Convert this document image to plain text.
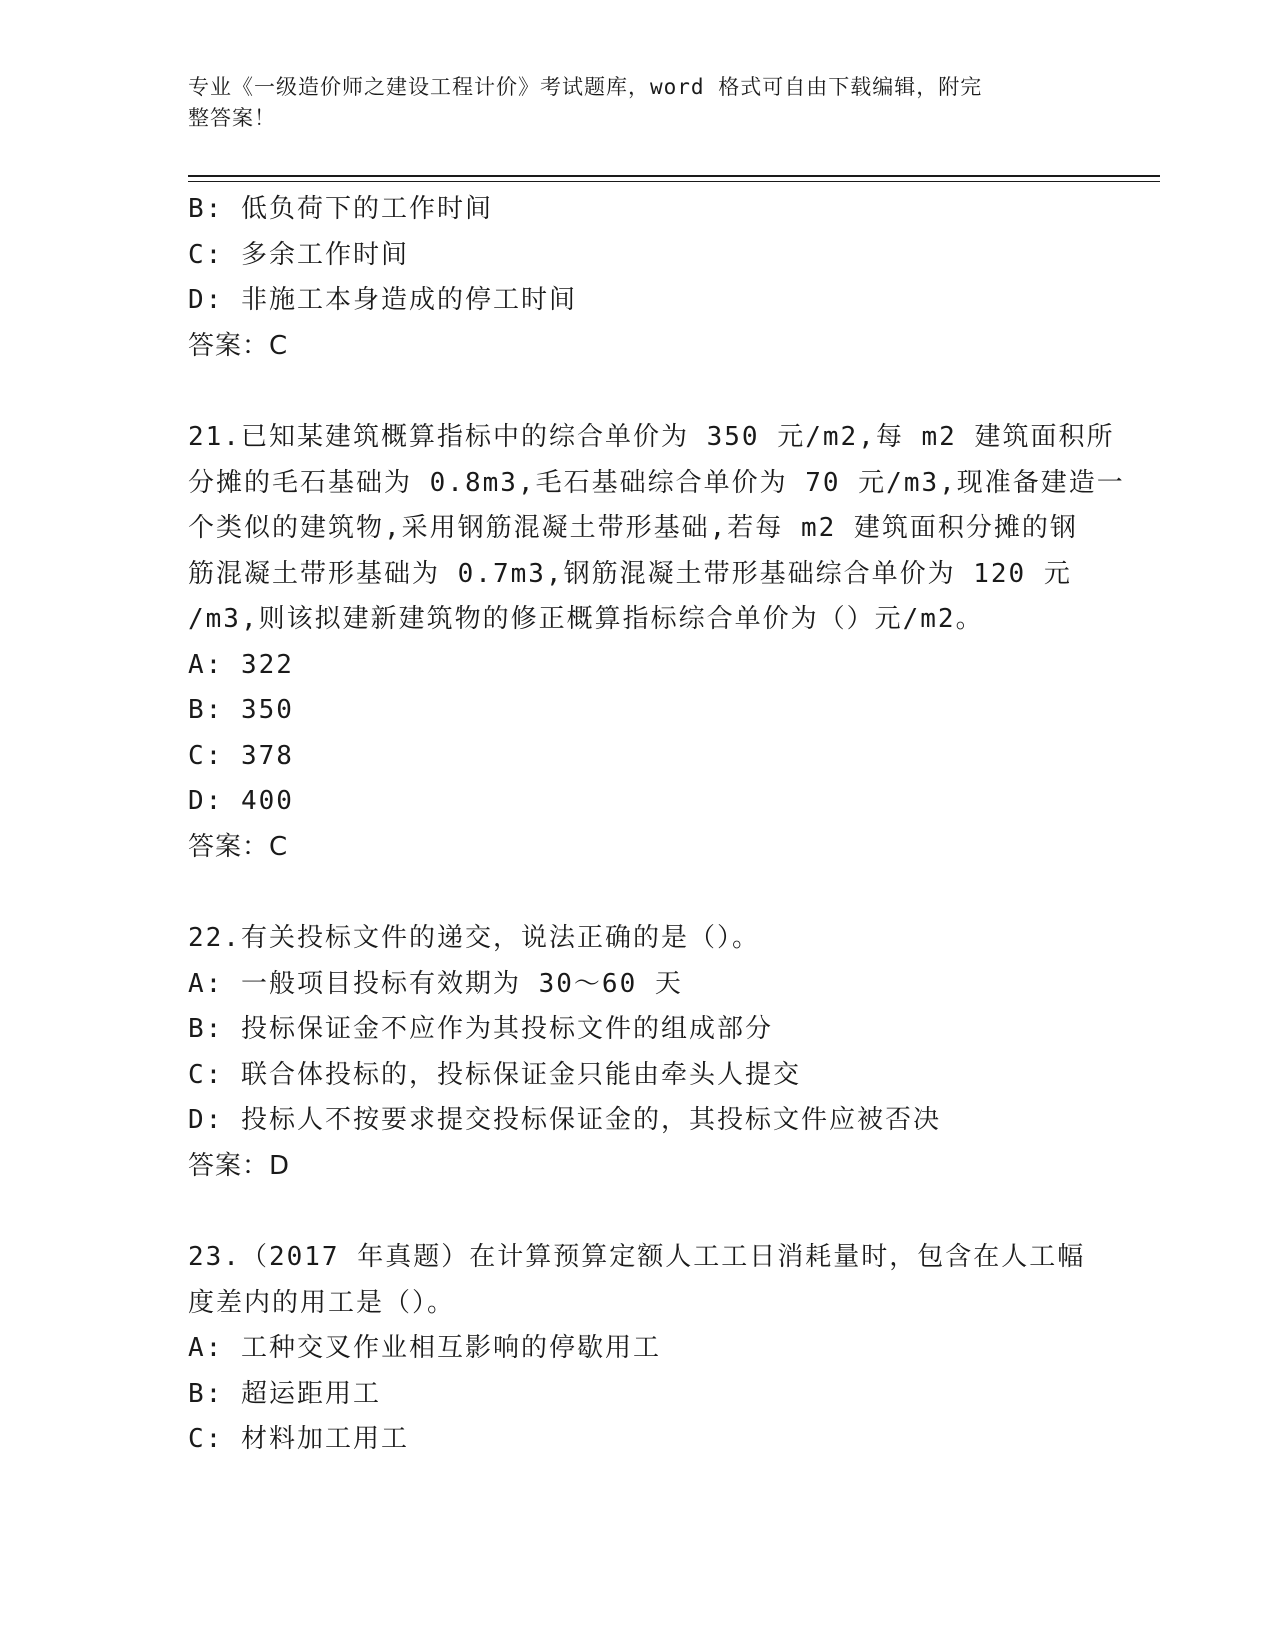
专业《一级造价师之建设工程计价》考试题库，word 格式可自由下载编辑，附完
整答案！
B: 低负荷下的工作时间
C: 多余工作时间
D: 非施工本身造成的停工时间
答案：C
21.已知某建筑概算指标中的综合单价为 350 元/m2,每 m2 建筑面积所
分摊的毛石基础为 0.8m3,毛石基础综合单价为 70 元/m3,现准备建造一
个类似的建筑物,采用钢筋混凝土带形基础,若每 m2 建筑面积分摊的钢
筋混凝土带形基础为 0.7m3,钢筋混凝土带形基础综合单价为 120 元
/m3,则该拟建新建筑物的修正概算指标综合单价为（）元/m2。
A: 322
B: 350
C: 378
D: 400
答案：C
22.有关投标文件的递交，说法正确的是（）。
A: 一般项目投标有效期为 30～60 天
B: 投标保证金不应作为其投标文件的组成部分
C: 联合体投标的，投标保证金只能由牵头人提交
D: 投标人不按要求提交投标保证金的，其投标文件应被否决
答案：D
23.（2017 年真题）在计算预算定额人工工日消耗量时，包含在人工幅
度差内的用工是（）。
A: 工种交叉作业相互影响的停歇用工
B: 超运距用工
C: 材料加工用工
